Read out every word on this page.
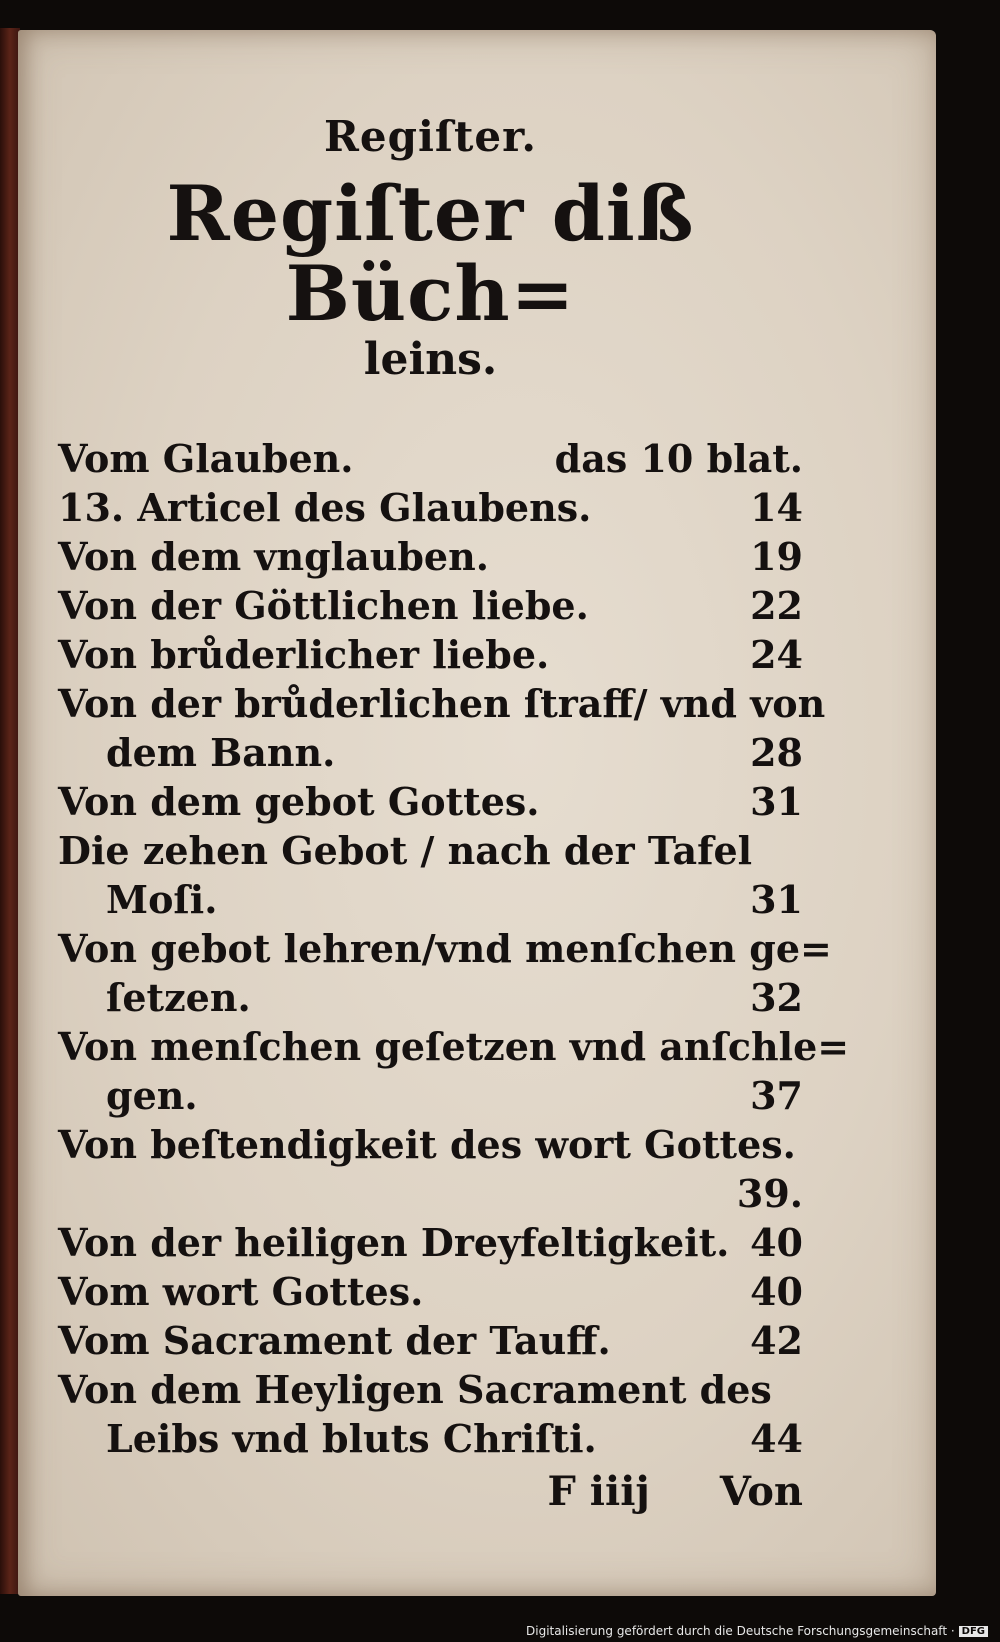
Regiſter.
Regiſter diß Büch=
leins.
Vom Glauben.	das 10 blat.
13. Articel des Glaubens.	14
Von dem vnglauben.	19
Von der Göttlichen liebe.	22
Von brůderlicher liebe.	24
Von der brůderlichen ſtraff/ vnd von
dem Bann.	28
Von dem gebot Gottes.	31
Die zehen Gebot / nach der Tafel
Moſi.	31
Von gebot lehren/vnd menſchen ge=
ſetzen.	32
Von menſchen geſetzen vnd anſchle=
gen.	37
Von beſtendigkeit des wort Gottes.
39.
Von der heiligen Dreyfeltigkeit. 40
Vom wort Gottes.	40
Vom Sacrament der Tauff.	42
Von dem Heyligen Sacrament des
Leibs vnd bluts Chriſti.	44
F iiij Von
Digitalisierung gefördert durch die Deutsche Forschungsgemeinschaft · DFG
